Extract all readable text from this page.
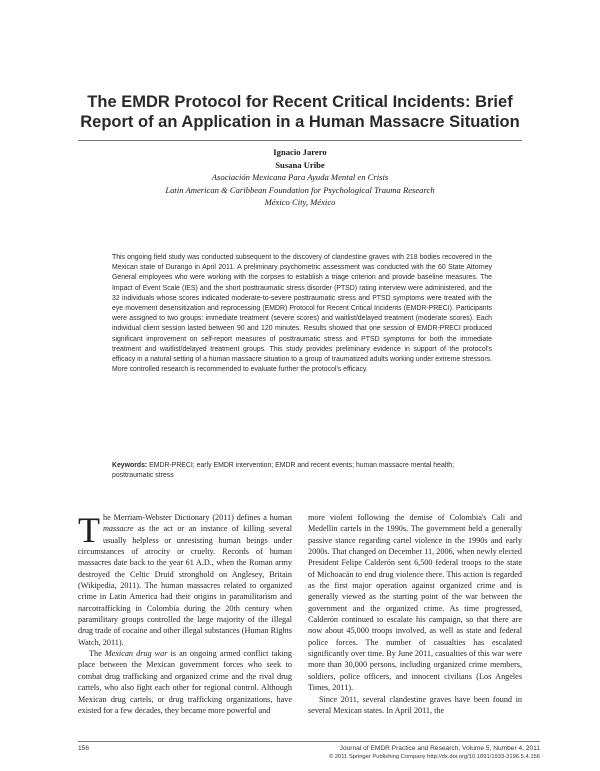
The EMDR Protocol for Recent Critical Incidents: Brief Report of an Application in a Human Massacre Situation
Ignacio Jarero
Susana Uribe
Asociación Mexicana Para Ayuda Mental en Crisis
Latin American & Caribbean Foundation for Psychological Trauma Research
México City, México
This ongoing field study was conducted subsequent to the discovery of clandestine graves with 218 bodies recovered in the Mexican state of Durango in April 2011. A preliminary psychometric assessment was conducted with the 60 State Attorney General employees who were working with the corpses to establish a triage criterion and provide baseline measures. The Impact of Event Scale (IES) and the short posttraumatic stress disorder (PTSD) rating interview were administered, and the 32 individuals whose scores indicated moderate-to-severe posttraumatic stress and PTSD symptoms were treated with the eye movement desensitization and reprocessing (EMDR) Protocol for Recent Critical Incidents (EMDR-PRECI). Participants were assigned to two groups: immediate treatment (severe scores) and waitlist/delayed treatment (moderate scores). Each individual client session lasted between 90 and 120 minutes. Results showed that one session of EMDR-PRECI produced significant improvement on self-report measures of posttraumatic stress and PTSD symptoms for both the immediate treatment and waitlist/delayed treatment groups. This study provides preliminary evidence in support of the protocol's efficacy in a natural setting of a human massacre situation to a group of traumatized adults working under extreme stressors. More controlled research is recommended to evaluate further the protocol's efficacy.
Keywords: EMDR-PRECI; early EMDR intervention; EMDR and recent events; human massacre mental health; posttraumatic stress

The Merriam-Webster Dictionary (2011) defines a human massacre as the act or an instance of killing several usually helpless or unresisting human beings under circumstances of atrocity or cruelty. Records of human massacres date back to the year 61 A.D., when the Roman army destroyed the Celtic Druid stronghold on Anglesey, Britain (Wikipedia, 2011). The human massacres related to organized crime in Latin America had their origins in paramilitarism and narcotrafficking in Colombia during the 20th century when paramilitary groups controlled the large majority of the illegal drug trade of cocaine and other illegal substances (Human Rights Watch, 2011).

The Mexican drug war is an ongoing armed conflict taking place between the Mexican government forces who seek to combat drug trafficking and organized crime and the rival drug cartels, who also fight each other for regional control. Although Mexican drug cartels, or drug trafficking organizations, have existed for a few decades, they became more powerful and

more violent following the demise of Colombia's Cali and Medellin cartels in the 1990s. The government held a generally passive stance regarding cartel violence in the 1990s and early 2000s. That changed on December 11, 2006, when newly elected President Felipe Calderón sent 6,500 federal troops to the state of Michoacán to end drug violence there. This action is regarded as the first major operation against organized crime and is generally viewed as the starting point of the war between the government and the organized crime. As time progressed, Calderón continued to escalate his campaign, so that there are now about 45,000 troops involved, as well as state and federal police forces. The number of casualties has escalated significantly over time. By June 2011, casualties of this war were more than 30,000 persons, including organized crime members, soldiers, police officers, and innocent civilians (Los Angeles Times, 2011).

Since 2011, several clandestine graves have been found in several Mexican states. In April 2011, the

156	Journal of EMDR Practice and Research, Volume 5, Number 4, 2011
© 2011 Springer Publishing Company http://dx.doi.org/10.1891/1933-3196.5.4.156
